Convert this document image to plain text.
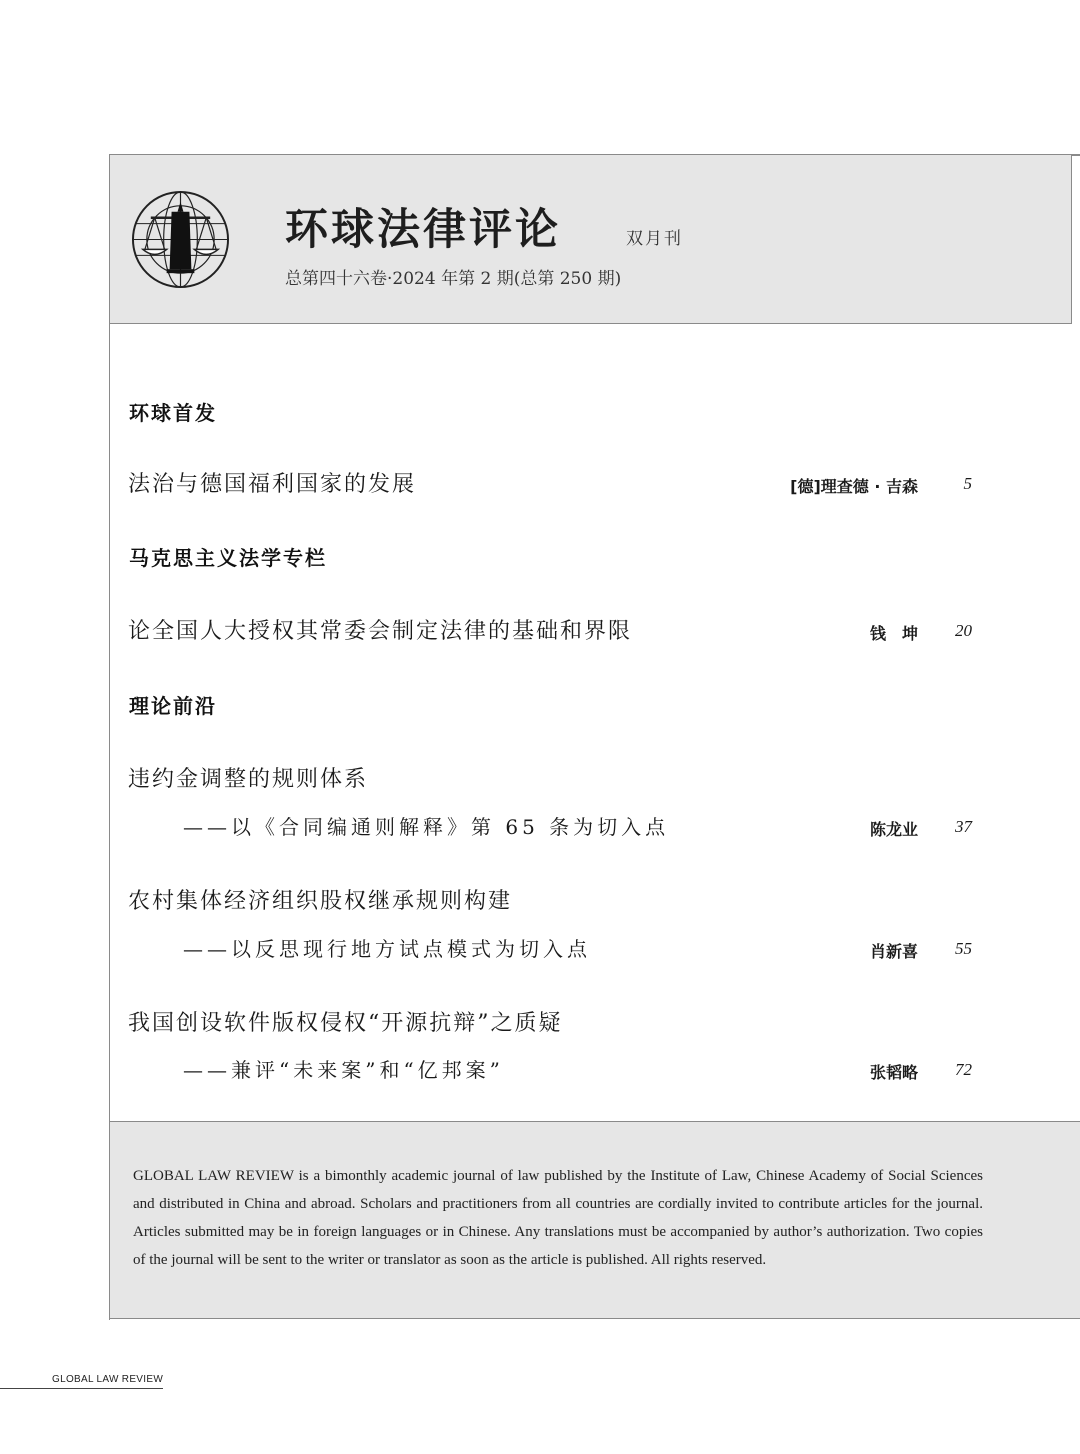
环球法律评论	双月刊
总第四十六卷·2024 年第 2 期(总第 250 期)
环球首发
法治与德国福利国家的发展	[德]理查德 · 吉森	5
马克思主义法学专栏
论全国人大授权其常委会制定法律的基础和界限	钱　坤 20
理论前沿
违约金调整的规则体系
——以《合同编通则解释》第 65 条为切入点	陈龙业 37
农村集体经济组织股权继承规则构建
——以反思现行地方试点模式为切入点	肖新喜 55
我国创设软件版权侵权“开源抗辩”之质疑
——兼评“未来案”和“亿邦案”	张韬略 72
GLOBAL LAW REVIEW is a bimonthly academic journal of law published by the Institute of Law, Chinese Academy of Social Sciences and distributed in China and abroad. Scholars and practitioners from all countries are cordially invited to contribute articles for the journal. Articles submitted may be in foreign languages or in Chinese. Any translations must be accompanied by author’s authorization. Two copies of the journal will be sent to the writer or translator as soon as the article is published. All rights reserved.
GLOBAL LAW REVIEW
